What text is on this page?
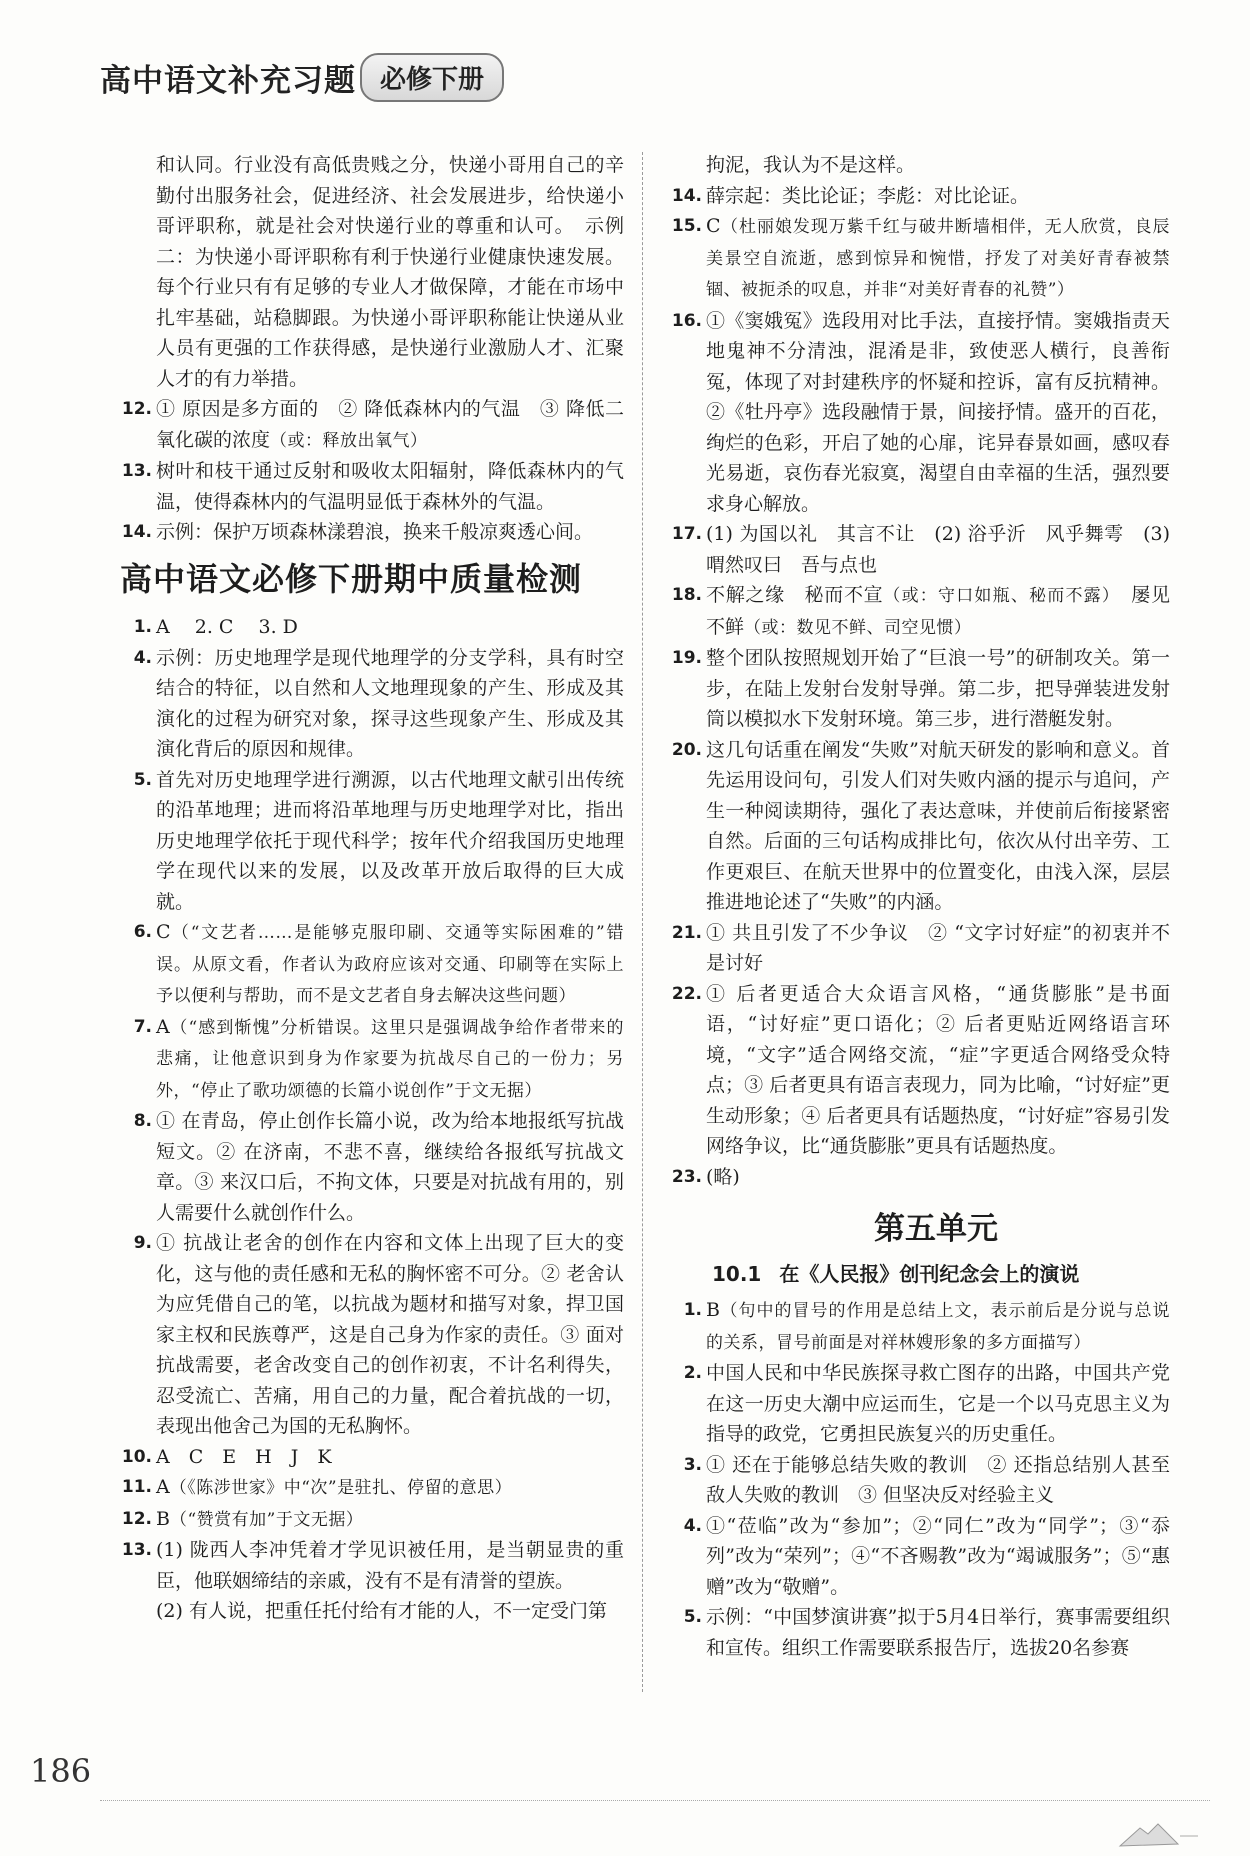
高中语文补充习题 必修下册
和认同。行业没有高低贵贱之分，快递小哥用自己的辛勤付出服务社会，促进经济、社会发展进步，给快递小哥评职称，就是社会对快递行业的尊重和认可。　示例二：为快递小哥评职称有利于快递行业健康快速发展。每个行业只有有足够的专业人才做保障，才能在市场中扎牢基础，站稳脚跟。为快递小哥评职称能让快递从业人员有更强的工作获得感，是快递行业激励人才、汇聚人才的有力举措。
12. ① 原因是多方面的　② 降低森林内的气温　③ 降低二氧化碳的浓度（或：释放出氧气）
13. 树叶和枝干通过反射和吸收太阳辐射，降低森林内的气温，使得森林内的气温明显低于森林外的气温。
14. 示例：保护万顷森林漾碧浪，换来千般凉爽透心间。
高中语文必修下册期中质量检测
1. A　 2. C　 3. D
4. 示例：历史地理学是现代地理学的分支学科，具有时空结合的特征，以自然和人文地理现象的产生、形成及其演化的过程为研究对象，探寻这些现象产生、形成及其演化背后的原因和规律。
5. 首先对历史地理学进行溯源，以古代地理文献引出传统的沿革地理；进而将沿革地理与历史地理学对比，指出历史地理学依托于现代科学；按年代介绍我国历史地理学在现代以来的发展，以及改革开放后取得的巨大成就。
6. C（“文艺者……是能够克服印刷、交通等实际困难的”错误。从原文看，作者认为政府应该对交通、印刷等在实际上予以便利与帮助，而不是文艺者自身去解决这些问题）
7. A（“感到惭愧”分析错误。这里只是强调战争给作者带来的悲痛，让他意识到身为作家要为抗战尽自己的一份力；另外，“停止了歌功颂德的长篇小说创作”于文无据）
8. ① 在青岛，停止创作长篇小说，改为给本地报纸写抗战短文。② 在济南，不悲不喜，继续给各报纸写抗战文章。③ 来汉口后，不拘文体，只要是对抗战有用的，别人需要什么就创作什么。
9. ① 抗战让老舍的创作在内容和文体上出现了巨大的变化，这与他的责任感和无私的胸怀密不可分。② 老舍认为应凭借自己的笔，以抗战为题材和描写对象，捍卫国家主权和民族尊严，这是自己身为作家的责任。③ 面对抗战需要，老舍改变自己的创作初衷，不计名利得失，忍受流亡、苦痛，用自己的力量，配合着抗战的一切，表现出他舍己为国的无私胸怀。
10. A　C　E　H　J　K
11. A（《陈涉世家》中“次”是驻扎、停留的意思）
12. B（“赞赏有加”于文无据）
13. (1) 陇西人李冲凭着才学见识被任用，是当朝显贵的重臣，他联姻缔结的亲戚，没有不是有清誉的望族。
(2) 有人说，把重任托付给有才能的人，不一定受门第
拘泥，我认为不是这样。
14. 薛宗起：类比论证；李彪：对比论证。
15. C（杜丽娘发现万紫千红与破井断墙相伴，无人欣赏，良辰美景空自流逝，感到惊异和惋惜，抒发了对美好青春被禁锢、被扼杀的叹息，并非“对美好青春的礼赞”）
16. ①《窦娥冤》选段用对比手法，直接抒情。窦娥指责天地鬼神不分清浊，混淆是非，致使恶人横行，良善衔冤，体现了对封建秩序的怀疑和控诉，富有反抗精神。②《牡丹亭》选段融情于景，间接抒情。盛开的百花，绚烂的色彩，开启了她的心扉，诧异春景如画，感叹春光易逝，哀伤春光寂寞，渴望自由幸福的生活，强烈要求身心解放。
17. (1) 为国以礼　其言不让　(2) 浴乎沂　风乎舞雩　(3) 喟然叹曰　吾与点也
18. 不解之缘　秘而不宣（或：守口如瓶、秘而不露）　屡见不鲜（或：数见不鲜、司空见惯）
19. 整个团队按照规划开始了“巨浪一号”的研制攻关。第一步，在陆上发射台发射导弹。第二步，把导弹装进发射筒以模拟水下发射环境。第三步，进行潜艇发射。
20. 这几句话重在阐发“失败”对航天研发的影响和意义。首先运用设问句，引发人们对失败内涵的提示与追问，产生一种阅读期待，强化了表达意味，并使前后衔接紧密自然。后面的三句话构成排比句，依次从付出辛劳、工作更艰巨、在航天世界中的位置变化，由浅入深，层层推进地论述了“失败”的内涵。
21. ① 共且引发了不少争议　② “文字讨好症”的初衷并不是讨好
22. ① 后者更适合大众语言风格，“通货膨胀”是书面语，“讨好症”更口语化；② 后者更贴近网络语言环境，“文字”适合网络交流，“症”字更适合网络受众特点；③ 后者更具有语言表现力，同为比喻，“讨好症”更生动形象；④ 后者更具有话题热度，“讨好症”容易引发网络争议，比“通货膨胀”更具有话题热度。
23. (略)
第五单元
10.1 在《人民报》创刊纪念会上的演说
1. B（句中的冒号的作用是总结上文，表示前后是分说与总说的关系，冒号前面是对祥林嫂形象的多方面描写）
2. 中国人民和中华民族探寻救亡图存的出路，中国共产党在这一历史大潮中应运而生，它是一个以马克思主义为指导的政党，它勇担民族复兴的历史重任。
3. ① 还在于能够总结失败的教训　② 还指总结别人甚至敌人失败的教训　③ 但坚决反对经验主义
4. ①“莅临”改为“参加”；②“同仁”改为“同学”；③“忝列”改为“荣列”；④“不吝赐教”改为“竭诚服务”；⑤“惠赠”改为“敬赠”。
5. 示例：“中国梦演讲赛”拟于5月4日举行，赛事需要组织和宣传。组织工作需要联系报告厅，选拔20名参赛
186
